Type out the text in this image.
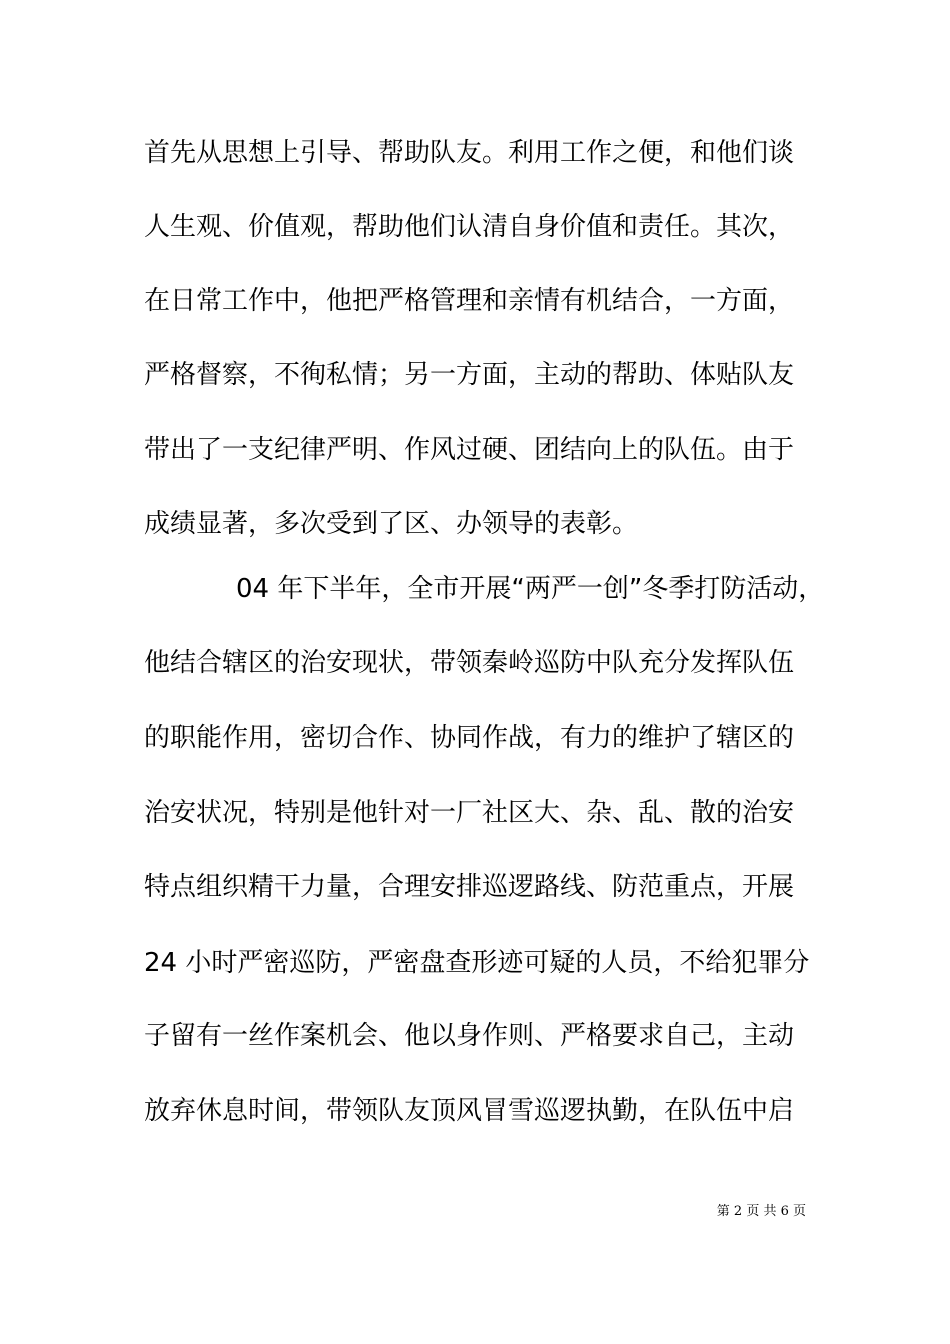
首先从思想上引导、帮助队友。利用工作之便，和他们谈
人生观、价值观，帮助他们认清自身价值和责任。其次，
在日常工作中，他把严格管理和亲情有机结合，一方面，
严格督察，不徇私情；另一方面，主动的帮助、体贴队友
带出了一支纪律严明、作风过硬、团结向上的队伍。由于
成绩显著，多次受到了区、办领导的表彰。
04 年下半年，全市开展“两严一创”冬季打防活动，
他结合辖区的治安现状，带领秦岭巡防中队充分发挥队伍
的职能作用，密切合作、协同作战，有力的维护了辖区的
治安状况，特别是他针对一厂社区大、杂、乱、散的治安
特点组织精干力量，合理安排巡逻路线、防范重点，开展
24 小时严密巡防，严密盘查形迹可疑的人员，不给犯罪分
子留有一丝作案机会、他以身作则、严格要求自己，主动
放弃休息时间，带领队友顶风冒雪巡逻执勤，在队伍中启
第 2 页 共 6 页
